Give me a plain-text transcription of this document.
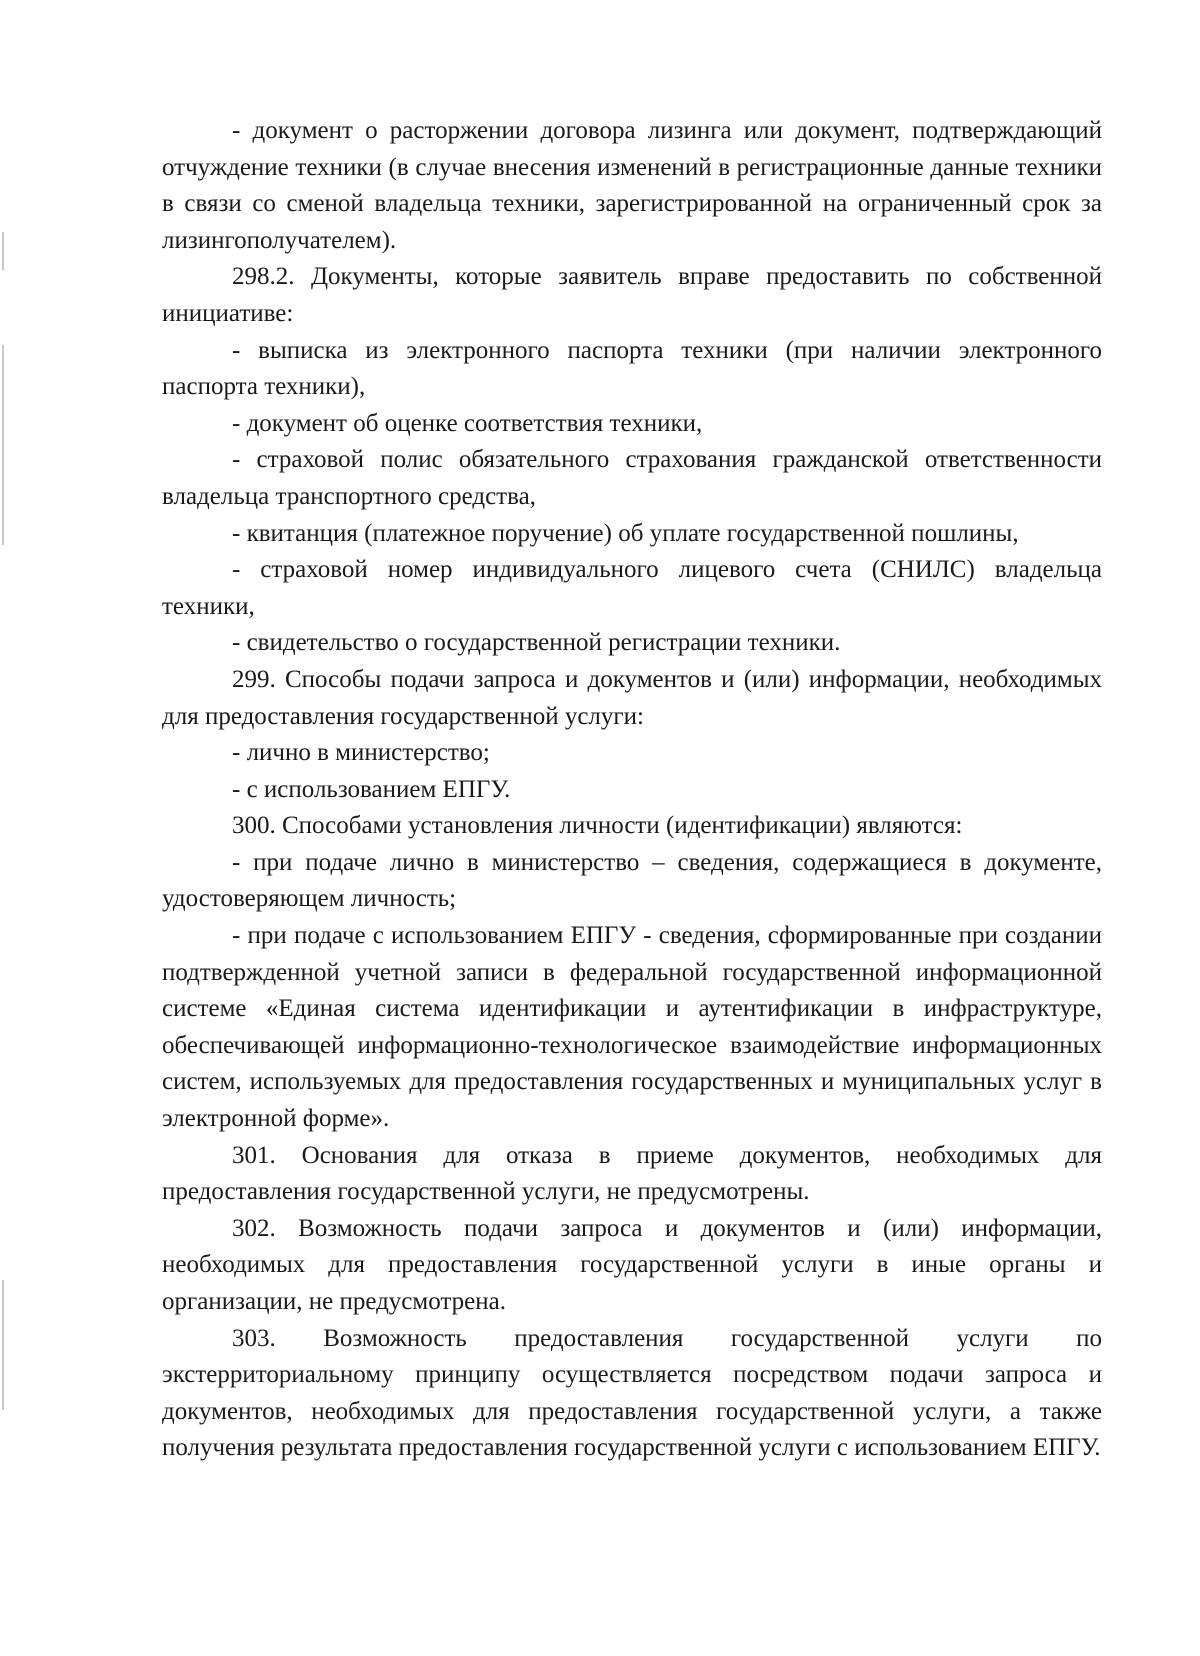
- документ о расторжении договора лизинга или документ, подтверждающий отчуждение техники (в случае внесения изменений в регистрационные данные техники в связи со сменой владельца техники, зарегистрированной на ограниченный срок за лизингополучателем).

298.2. Документы, которые заявитель вправе предоставить по собственной инициативе:

- выписка из электронного паспорта техники (при наличии электронного паспорта техники),

- документ об оценке соответствия техники,

- страховой полис обязательного страхования гражданской ответственности владельца транспортного средства,

- квитанция (платежное поручение) об уплате государственной пошлины,

- страховой номер индивидуального лицевого счета (СНИЛС) владельца техники,

- свидетельство о государственной регистрации техники.

299. Способы подачи запроса и документов и (или) информации, необходимых для предоставления государственной услуги:

- лично в министерство;

- с использованием ЕПГУ.

300. Способами установления личности (идентификации) являются:

- при подаче лично в министерство – сведения, содержащиеся в документе, удостоверяющем личность;

- при подаче с использованием ЕПГУ - сведения, сформированные при создании подтвержденной учетной записи в федеральной государственной информационной системе «Единая система идентификации и аутентификации в инфраструктуре, обеспечивающей информационно-технологическое взаимодействие информационных систем, используемых для предоставления государственных и муниципальных услуг в электронной форме».

301. Основания для отказа в приеме документов, необходимых для предоставления государственной услуги, не предусмотрены.

302. Возможность подачи запроса и документов и (или) информации, необходимых для предоставления государственной услуги в иные органы и организации, не предусмотрена.

303. Возможность предоставления государственной услуги по экстерриториальному принципу осуществляется посредством подачи запроса и документов, необходимых для предоставления государственной услуги, а также получения результата предоставления государственной услуги с использованием ЕПГУ.
